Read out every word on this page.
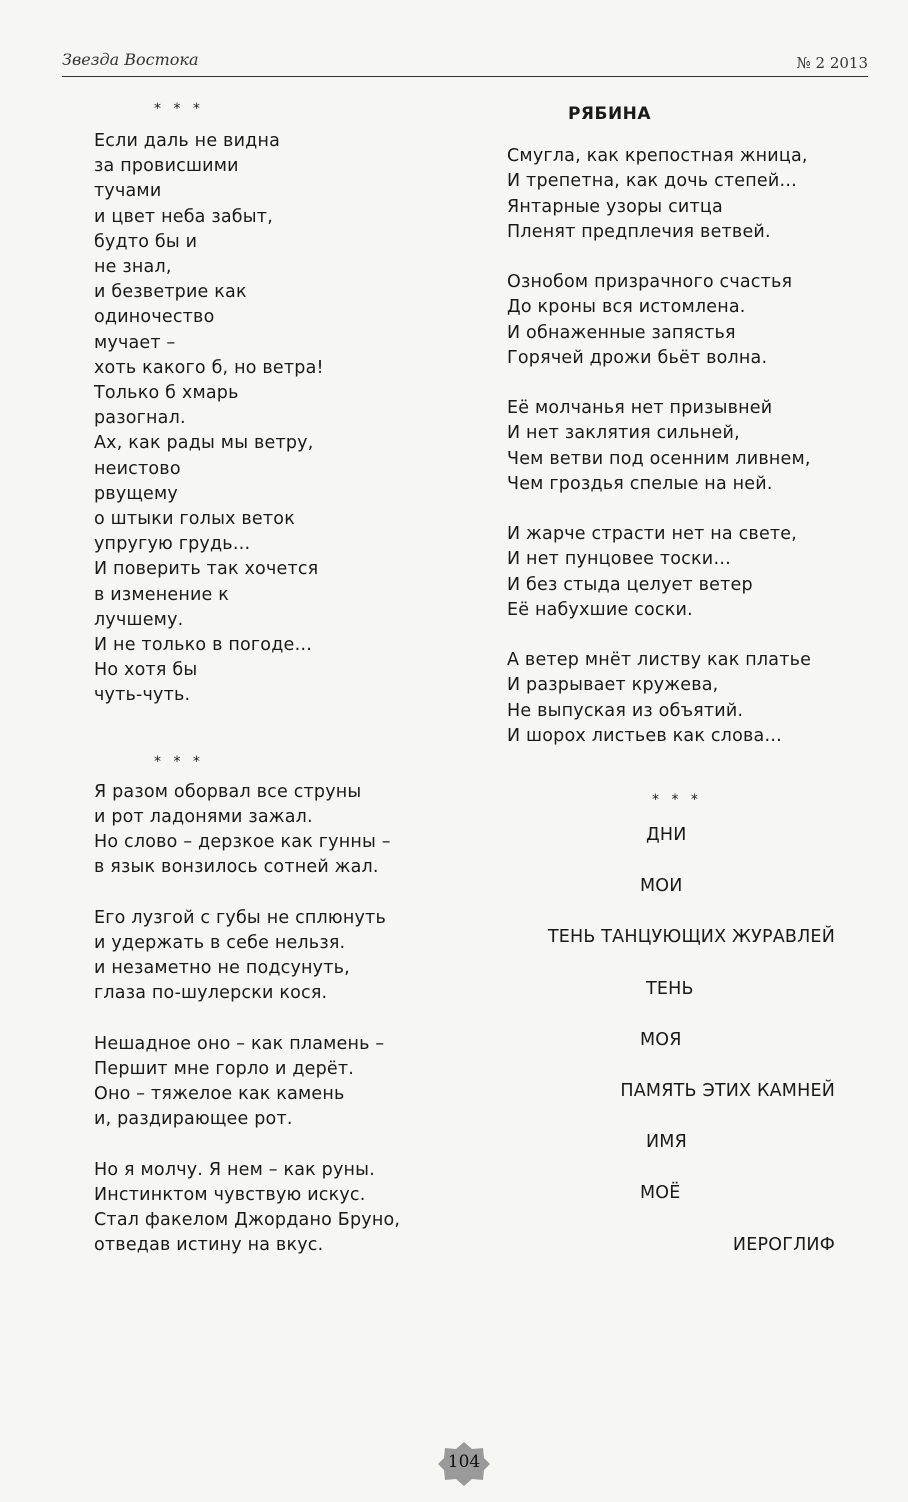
Звезда Востока	№ 2 2013
* * *
Если даль не видна
за провисшими
тучами
и цвет неба забыт,
будто бы и
не знал,
и безветрие как
одиночество
мучает –
хоть какого б, но ветра!
Только б хмарь
разогнал.
Ах, как рады мы ветру,
неистово
рвущему
о штыки голых веток
упругую грудь…
И поверить так хочется
в изменение к
лучшему.
И не только в погоде…
Но хотя бы
чуть-чуть.
* * *
Я разом оборвал все струны
и рот ладонями зажал.
Но слово – дерзкое как гунны –
в язык вонзилось сотней жал.
Его лузгой с губы не сплюнуть
и удержать в себе нельзя.
и незаметно не подсунуть,
глаза по-шулерски кося.
Нешадное оно – как пламень –
Першит мне горло и дерёт.
Оно – тяжелое как камень
и, раздирающее рот.
Но я молчу. Я нем – как руны.
Инстинктом чувствую искус.
Стал факелом Джордано Бруно,
отведав истину на вкус.
РЯБИНА
Смугла, как крепостная жница,
И трепетна, как дочь степей…
Янтарные узоры ситца
Пленят предплечия ветвей.
Ознобом призрачного счастья
До кроны вся истомлена.
И обнаженные запястья
Горячей дрожи бьёт волна.
Её молчанья нет призывней
И нет заклятия сильней,
Чем ветви под осенним ливнем,
Чем гроздья спелые на ней.
И жарче страсти нет на свете,
И нет пунцовее тоски…
И без стыда целует ветер
Её набухшие соски.
А ветер мнёт листву как платье
И разрывает кружева,
Не выпуская из объятий.
И шорох листьев как слова…
* * *
ДНИ
МОИ
ТЕНЬ ТАНЦУЮЩИХ ЖУРАВЛЕЙ
ТЕНЬ
МОЯ
ПАМЯТЬ ЭТИХ КАМНЕЙ
ИМЯ
МОЁ
ИЕРОГЛИФ
104
